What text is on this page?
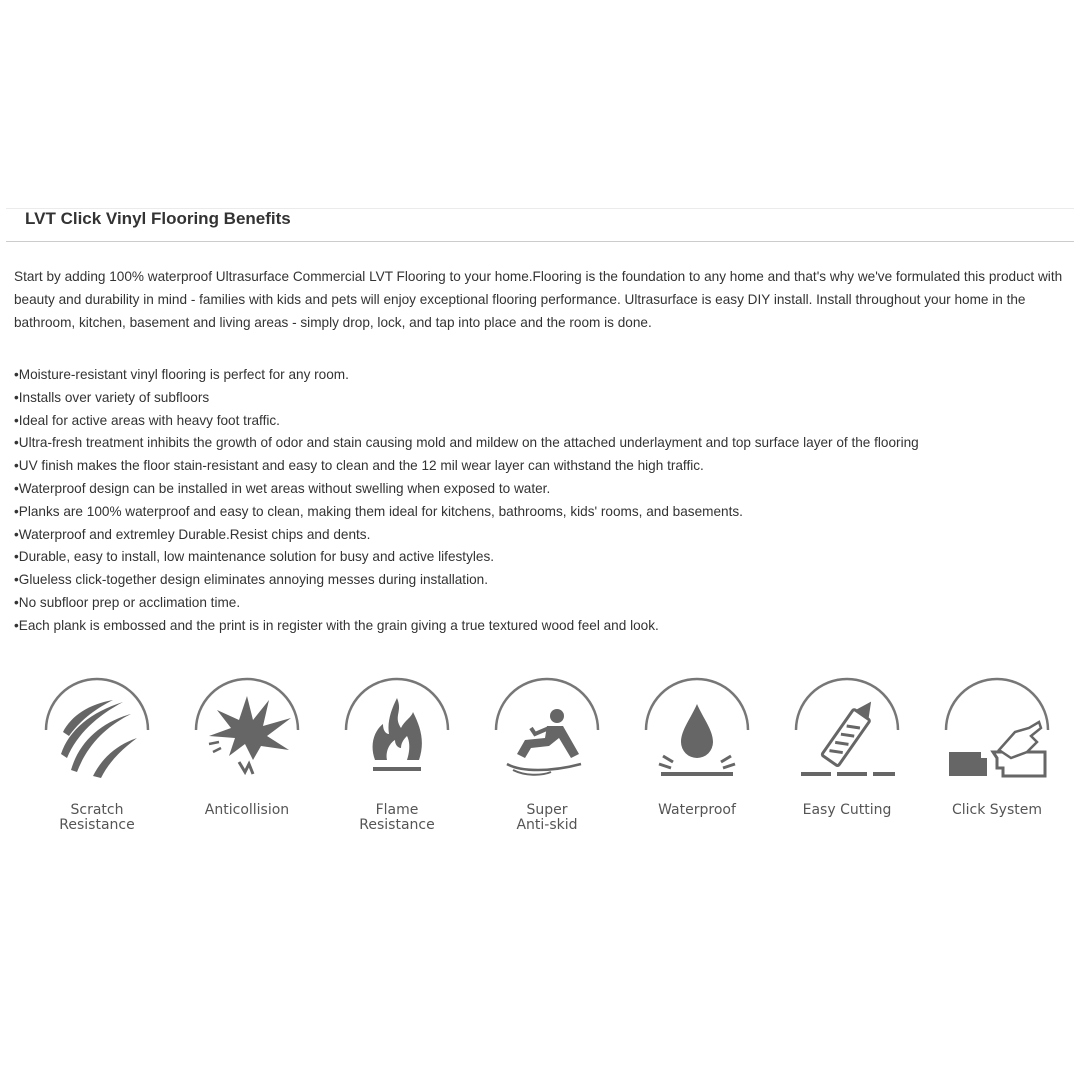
LVT Click Vinyl Flooring Benefits

Start by adding 100% waterproof Ultrasurface Commercial LVT Flooring to your home.Flooring is the foundation to any home and that's why we've formulated this product with beauty and durability in mind - families with kids and pets will enjoy exceptional flooring performance. Ultrasurface is easy DIY install. Install throughout your home in the bathroom, kitchen, basement and living areas - simply drop, lock, and tap into place and the room is done.

•Moisture-resistant vinyl flooring is perfect for any room.
•Installs over variety of subfloors
•Ideal for active areas with heavy foot traffic.
•Ultra-fresh treatment inhibits the growth of odor and stain causing mold and mildew on the attached underlayment and top surface layer of the flooring
•UV finish makes the floor stain-resistant and easy to clean and the 12 mil wear layer can withstand the high traffic.
•Waterproof design can be installed in wet areas without swelling when exposed to water.
•Planks are 100% waterproof and easy to clean, making them ideal for kitchens, bathrooms, kids' rooms, and basements.
•Waterproof and extremley Durable.Resist chips and dents.
•Durable, easy to install, low maintenance solution for busy and active lifestyles.
•Glueless click-together design eliminates annoying messes during installation.
•No subfloor prep or acclimation time.
•Each plank is embossed and the print is in register with the grain giving a true textured wood feel and look.
Scratch
Resistance
Anticollision	Flame
Resistance
Super
Anti-skid
Waterproof	Easy Cutting	Click System
